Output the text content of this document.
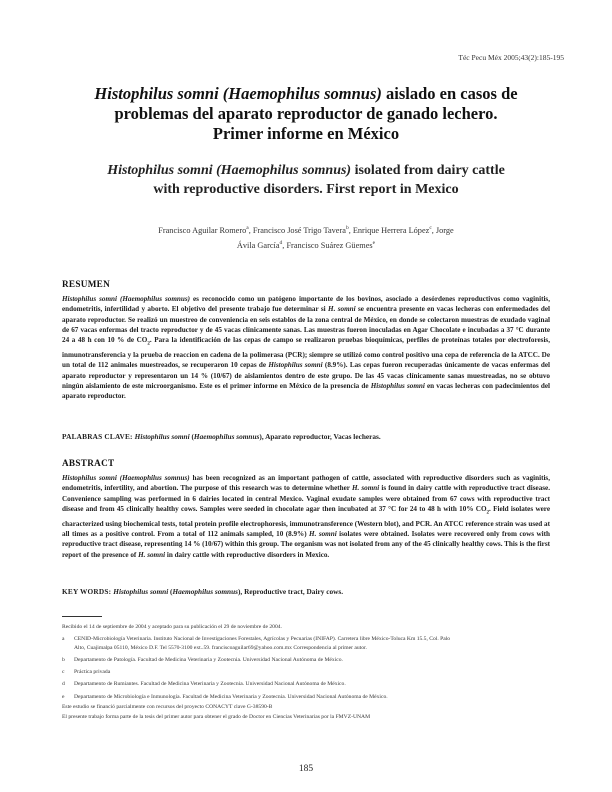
Téc Pecu Méx 2005;43(2):185-195
Histophilus somni (Haemophilus somnus) aislado en casos de
problemas del aparato reproductor de ganado lechero.
Primer informe en México
Histophilus somni (Haemophilus somnus) isolated from dairy cattle
with reproductive disorders. First report in Mexico
Francisco Aguilar Romero$^a$, Francisco José Trigo Tavera$^b$, Enrique Herrera López$^c$, Jorge
Ávila García$^d$, Francisco Suárez Güemes$^e$
RESUMEN
Histophilus somni (Haemophilus somnus) es reconocido como un patógeno importante de los bovinos, asociado a desórdenes reproductivos como vaginitis, endometritis, infertilidad y aborto. El objetivo del presente trabajo fue determinar si H. somni se encuentra presente en vacas lecheras con enfermedades del aparato reproductor. Se realizó un muestreo de conveniencia en seis establos de la zona central de México, en donde se colectaron muestras de exudado vaginal de 67 vacas enfermas del tracto reproductor y de 45 vacas clínicamente sanas. Las muestras fueron inoculadas en Agar Chocolate e incubadas a 37 °C durante 24 a 48 h con 10 % de $CO_2$. Para la identificación de las cepas de campo se realizaron pruebas bioquímicas, perfiles de proteínas totales por electroforesis, inmunotransferencia y la prueba de reaccion en cadena de la polimerasa (PCR); siempre se utilizó como control positivo una cepa de referencia de la ATCC. De un total de 112 animales muestreados, se recuperaron 10 cepas de Histophilus somni (8.9%). Las cepas fueron recuperadas únicamente de vacas enfermas del aparato reproductor y representaron un 14 % (10/67) de aislamientos dentro de este grupo. De las 45 vacas clínicamente sanas muestreadas, no se obtuvo ningún aislamiento de este microorganismo. Este es el primer informe en México de la presencia de Histophilus somni en vacas lecheras con padecimientos del aparato reproductor.
PALABRAS CLAVE: Histophilus somni (Haemophilus somnus), Aparato reproductor, Vacas lecheras.
ABSTRACT
Histophilus somni (Haemophilus somnus) has been recognized as an important pathogen of cattle, associated with reproductive disorders such as vaginitis, endometritis, infertility, and abortion. The purpose of this research was to determine whether H. somni is found in dairy cattle with reproductive tract disease. Convenience sampling was performed in 6 dairies located in central Mexico. Vaginal exudate samples were obtained from 67 cows with reproductive tract disease and from 45 clinically healthy cows. Samples were seeded in chocolate agar then incubated at 37 °C for 24 to 48 h with 10% $CO_2$. Field isolates were characterized using biochemical tests, total protein profile electrophoresis, immunotransference (Western blot), and PCR. An ATCC reference strain was used at all times as a positive control. From a total of 112 animals sampled, 10 (8.9%) H. somni isolates were obtained. Isolates were recovered only from cows with reproductive tract disease, representing 14 % (10/67) within this group. The organism was not isolated from any of the 45 clinically healthy cows. This is the first report of the presence of H. somni in dairy cattle with reproductive disorders in Mexico.
KEY WORDS: Histophilus somni (Haemophilus somnus), Reproductive tract, Dairy cows.
Recibido el 14 de septiembre de 2004 y aceptado para su publicación el 29 de noviembre de 2004.
a CENID-Microbiología Veterinaria. Instituto Nacional de Investigaciones Forestales, Agrícolas y Pecuarias (INIFAP). Carretera libre México-Toluca Km 15.5, Col. Palo
Alto, Cuajimalpa 05110, México D.F. Tel 5570-3100 ext..59. franciscoaguilar69@yahoo.com.mx Correspondencia al primer autor.
b Departamento de Patología. Facultad de Medicina Veterinaria y Zootecnia. Universidad Nacional Autónoma de México.
c Práctica privada
d Departamento de Rumiantes. Facultad de Medicina Veterinaria y Zootecnia. Universidad Nacional Autónoma de México.
e Departamento de Microbiología e Inmunología. Facultad de Medicina Veterinaria y Zootecnia. Universidad Nacional Autónoma de México.
Este estudio se financió parcialmente con recursos del proyecto CONACYT clave G-38590-B
El presente trabajo forma parte de la tesis del primer autor para obtener el grado de Doctor en Ciencias Veterinarias por la FMVZ-UNAM
185
